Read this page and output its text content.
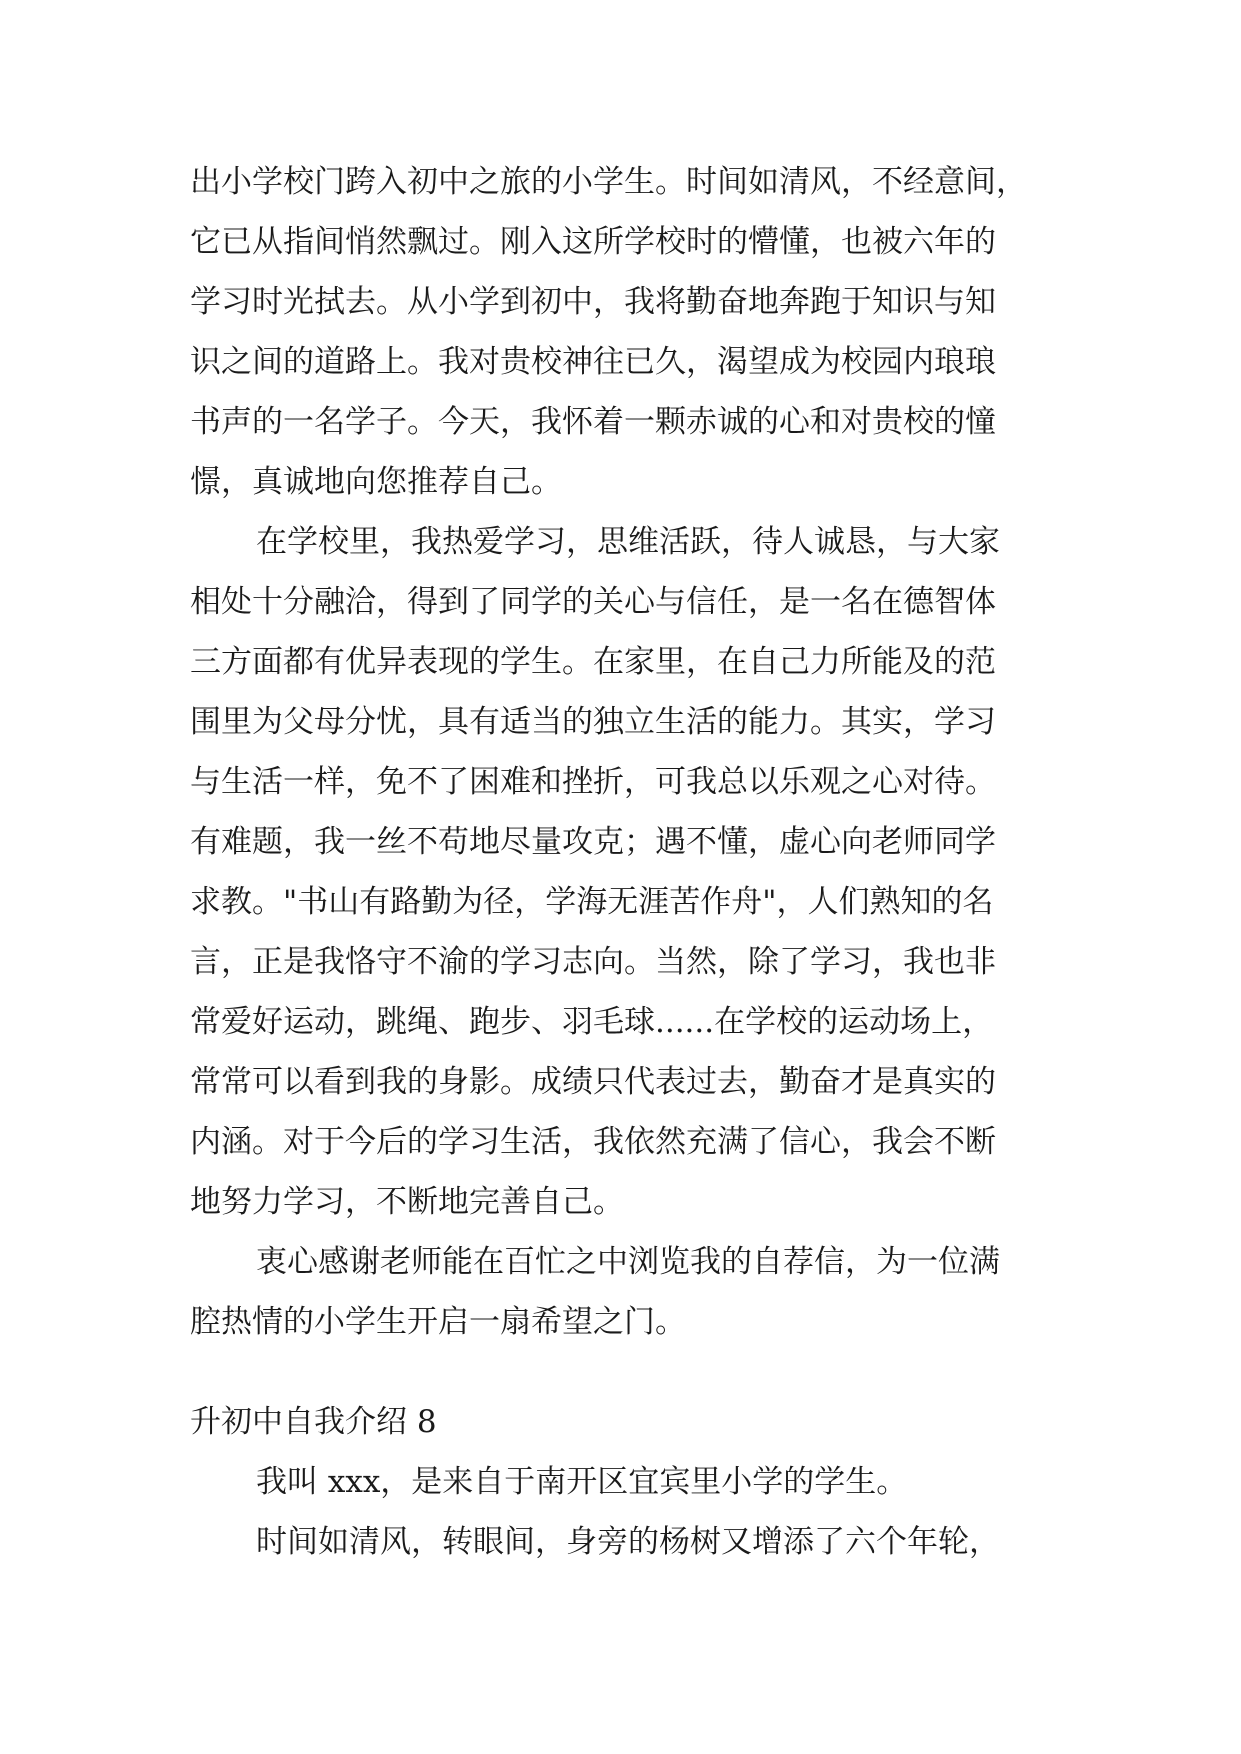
出小学校门跨入初中之旅的小学生。时间如清风，不经意间，
它已从指间悄然飘过。刚入这所学校时的懵懂，也被六年的
学习时光拭去。从小学到初中，我将勤奋地奔跑于知识与知
识之间的道路上。我对贵校神往已久，渴望成为校园内琅琅
书声的一名学子。今天，我怀着一颗赤诚的心和对贵校的憧
憬，真诚地向您推荐自己。
在学校里，我热爱学习，思维活跃，待人诚恳，与大家
相处十分融洽，得到了同学的关心与信任，是一名在德智体
三方面都有优异表现的学生。在家里，在自己力所能及的范
围里为父母分忧，具有适当的独立生活的能力。其实，学习
与生活一样，免不了困难和挫折，可我总以乐观之心对待。
有难题，我一丝不苟地尽量攻克；遇不懂，虚心向老师同学
求教。"书山有路勤为径，学海无涯苦作舟"，人们熟知的名
言，正是我恪守不渝的学习志向。当然，除了学习，我也非
常爱好运动，跳绳、跑步、羽毛球......在学校的运动场上，
常常可以看到我的身影。成绩只代表过去，勤奋才是真实的
内涵。对于今后的学习生活，我依然充满了信心，我会不断
地努力学习，不断地完善自己。
衷心感谢老师能在百忙之中浏览我的自荐信，为一位满
腔热情的小学生开启一扇希望之门。
升初中自我介绍 8
我叫 xxx，是来自于南开区宜宾里小学的学生。
时间如清风，转眼间，身旁的杨树又增添了六个年轮，
